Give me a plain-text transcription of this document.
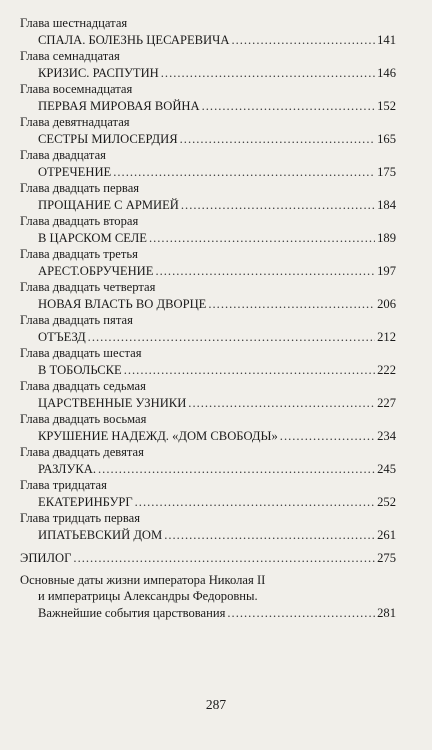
Глава шестнадцатая
СПАЛА. БОЛЕЗНЬ ЦЕСАРЕВИЧА .....	141
Глава семнадцатая
КРИЗИС. РАСПУТИН .....	146
Глава восемнадцатая
ПЕРВАЯ МИРОВАЯ ВОЙНА .....	152
Глава девятнадцатая
СЕСТРЫ МИЛОСЕРДИЯ .....	165
Глава двадцатая
ОТРЕЧЕНИЕ .....	175
Глава двадцать первая
ПРОЩАНИЕ С АРМИЕЙ .....	184
Глава двадцать вторая
В ЦАРСКОМ СЕЛЕ .....	189
Глава двадцать третья
АРЕСТ.ОБРУЧЕНИЕ .....	197
Глава двадцать четвертая
НОВАЯ ВЛАСТЬ ВО ДВОРЦЕ .....	206
Глава двадцать пятая
ОТЪЕЗД .....	212
Глава двадцать шестая
В ТОБОЛЬСКЕ .....	222
Глава двадцать седьмая
ЦАРСТВЕННЫЕ УЗНИКИ .....	227
Глава двадцать восьмая
КРУШЕНИЕ НАДЕЖД. «ДОМ СВОБОДЫ» .....	234
Глава двадцать девятая
РАЗЛУКА. .....	245
Глава тридцатая
ЕКАТЕРИНБУРГ .....	252
Глава тридцать первая
ИПАТЬЕВСКИЙ ДОМ .....	261
ЭПИЛОГ .....	275
Основные даты жизни императора Николая II
и императрицы Александры Федоровны.
Важнейшие события царствования .....	281
287
